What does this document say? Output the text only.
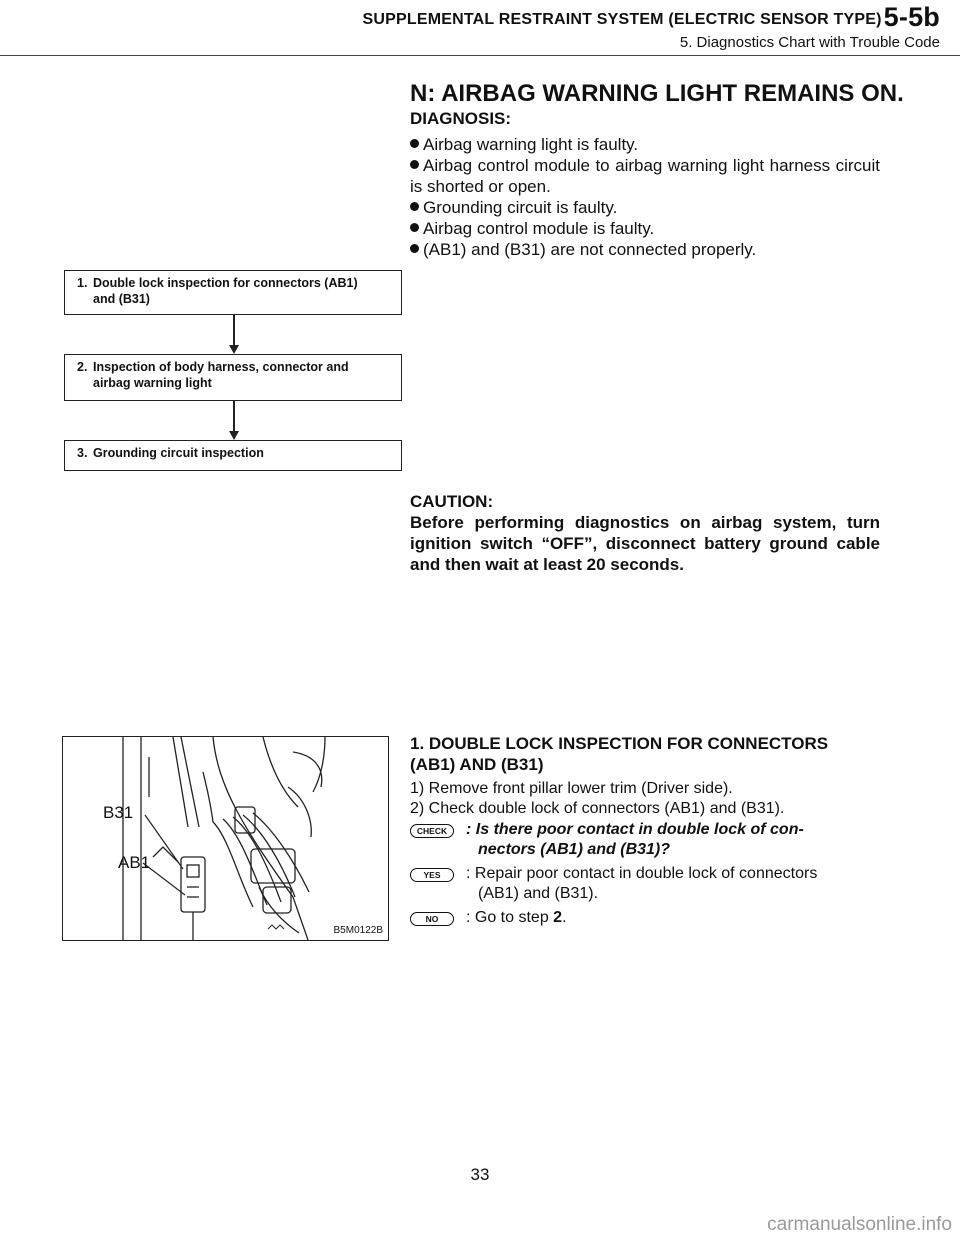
SUPPLEMENTAL RESTRAINT SYSTEM (ELECTRIC SENSOR TYPE)5-5b
5. Diagnostics Chart with Trouble Code
N: AIRBAG WARNING LIGHT REMAINS ON.
DIAGNOSIS:
Airbag warning light is faulty.
Airbag control module to airbag warning light harness circuit is shorted or open.
Grounding circuit is faulty.
Airbag control module is faulty.
(AB1) and (B31) are not connected properly.
1. Double lock inspection for connectors (AB1)
and (B31)
2. Inspection of body harness, connector and
airbag warning light
3. Grounding circuit inspection
CAUTION:
Before performing diagnostics on airbag system, turn ignition switch “OFF”, disconnect battery ground cable and then wait at least 20 seconds.
B31
AB1
B5M0122B
1. DOUBLE LOCK INSPECTION FOR CONNECTORS
(AB1) AND (B31)
1) Remove front pillar lower trim (Driver side).
2) Check double lock of connectors (AB1) and (B31).
CHECK	: Is there poor contact in double lock of con-
nectors (AB1) and (B31)?
YES	: Repair poor contact in double lock of connectors
(AB1) and (B31).
NO	: Go to step 2.
33
carmanualsonline.info
